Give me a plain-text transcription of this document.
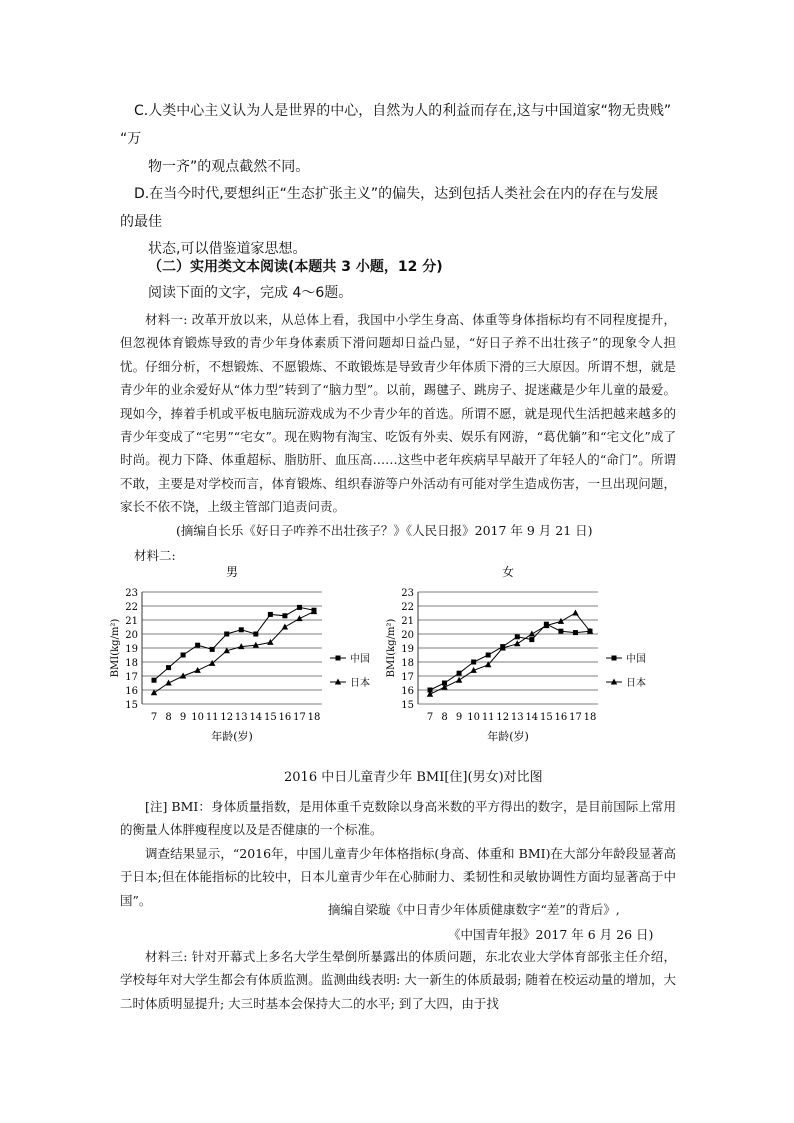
C.人类中心主义认为人是世界的中心，自然为人的利益而存在,这与中国道家“物无贵贱”
“万
物一齐”的观点截然不同。
D.在当今时代,要想纠正“生态扩张主义”的偏失，达到包括人类社会在内的存在与发展
的最佳
状态,可以借鉴道家思想。
（二）实用类文本阅读(本题共 3 小题，12 分)
阅读下面的文字，完成 4～6题。

材料一: 改革开放以来，从总体上看，我国中小学生身高、体重等身体指标均有不同程度提升，但忽视体育锻炼导致的青少年身体素质下滑问题却日益凸显，“好日子养不出壮孩子”的现象令人担忧。仔细分析，不想锻炼、不愿锻炼、不敢锻炼是导致青少年体质下滑的三大原因。所谓不想，就是青少年的业余爱好从“体力型”转到了“脑力型”。以前，踢毽子、跳房子、捉迷藏是少年儿童的最爱。现如今，捧着手机或平板电脑玩游戏成为不少青少年的首选。所谓不愿，就是现代生活把越来越多的青少年变成了“宅男”“宅女”。现在购物有淘宝、吃饭有外卖、娱乐有网游，“葛优躺”和“宅文化”成了时尚。视力下降、体重超标、脂肪肝、血压高……这些中老年疾病早早敲开了年轻人的“命门”。所谓不敢，主要是对学校而言，体育锻炼、组织春游等户外活动有可能对学生造成伤害，一旦出现问题，家长不依不饶，上级主管部门追责问责。

(摘编自长乐《好日子咋养不出壮孩子？》《人民日报》2017 年 9 月 21 日)
材料二:
男
15
16
17
18
19
20
21
22
23
7 8 9 10 11 12 13 14 15 16 17 18
年龄(岁)
BMI(kg/m²)	中国
日本
女
15
16
17
18
19
20
21
22
23
7 8 9 10 11 12 13 14 15 16 17 18
年龄(岁)
BMI(kg/m²)	中国
日本
2016 中日儿童青少年 BMI[住](男女)对比图

[注] BMI：身体质量指数，是用体重千克数除以身高米数的平方得出的数字，是目前国际上常用的衡量人体胖瘦程度以及是否健康的一个标准。

调查结果显示，“2016年，中国儿童青少年体格指标(身高、体重和 BMI)在大部分年龄段显著高于日本;但在体能指标的比较中，日本儿童青少年在心肺耐力、柔韧性和灵敏协调性方面均显著高于中国”。

摘编自梁璇《中日青少年体质健康数字“差”的背后》,
《中国青年报》2017 年 6 月 26 日)

材料三: 针对开幕式上多名大学生晕倒所暴露出的体质问题，东北农业大学体育部张主任介绍，学校每年对大学生都会有体质监测。监测曲线表明: 大一新生的体质最弱; 随着在校运动量的增加，大二时体质明显提升; 大三时基本会保持大二的水平; 到了大四，由于找
